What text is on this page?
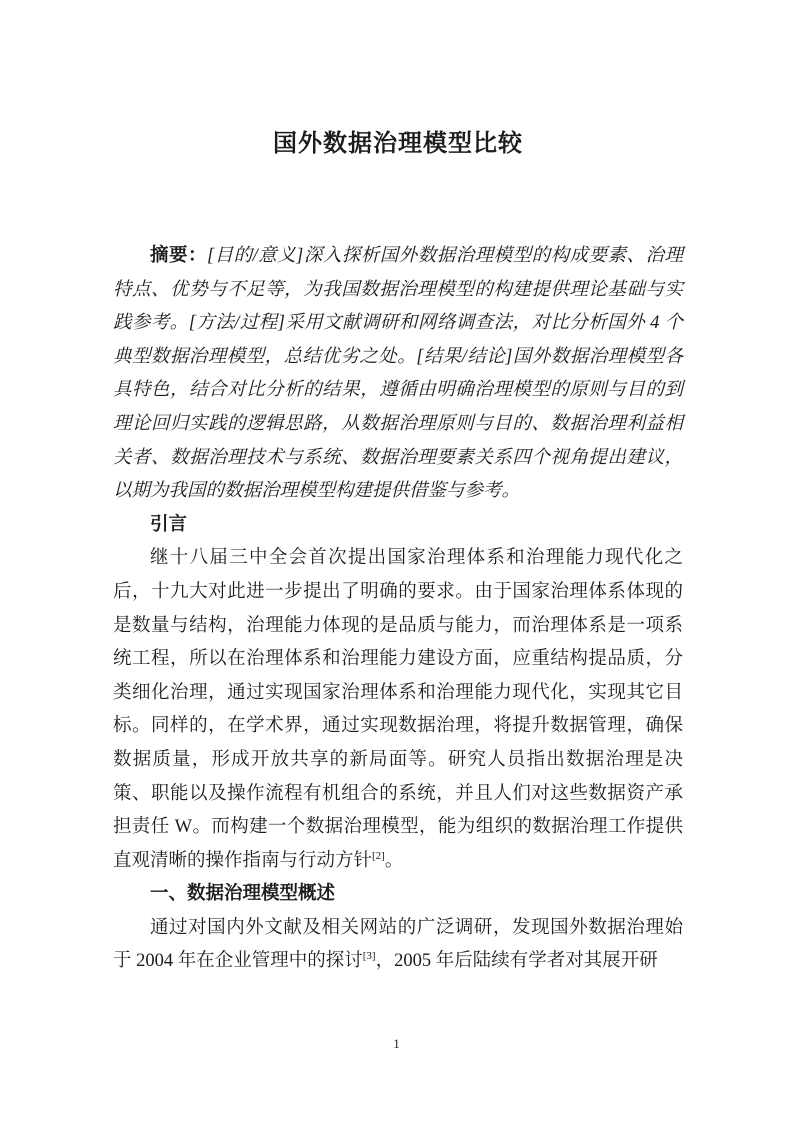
国外数据治理模型比较

摘要：[目的/意义]深入探析国外数据治理模型的构成要素、治理特点、优势与不足等，为我国数据治理模型的构建提供理论基础与实践参考。[方法/过程]采用文献调研和网络调查法，对比分析国外 4 个典型数据治理模型，总结优劣之处。[结果/结论]国外数据治理模型各具特色，结合对比分析的结果，遵循由明确治理模型的原则与目的到理论回归实践的逻辑思路，从数据治理原则与目的、数据治理利益相关者、数据治理技术与系统、数据治理要素关系四个视角提出建议，以期为我国的数据治理模型构建提供借鉴与参考。

引言

继十八届三中全会首次提出国家治理体系和治理能力现代化之后，十九大对此进一步提出了明确的要求。由于国家治理体系体现的是数量与结构，治理能力体现的是品质与能力，而治理体系是一项系统工程，所以在治理体系和治理能力建设方面，应重结构提品质，分类细化治理，通过实现国家治理体系和治理能力现代化，实现其它目标。同样的，在学术界，通过实现数据治理，将提升数据管理，确保数据质量，形成开放共享的新局面等。研究人员指出数据治理是决策、职能以及操作流程有机组合的系统，并且人们对这些数据资产承担责任 W。而构建一个数据治理模型，能为组织的数据治理工作提供直观清晰的操作指南与行动方针[2]。

一、数据治理模型概述

通过对国内外文献及相关网站的广泛调研，发现国外数据治理始于 2004 年在企业管理中的探讨[3]，2005 年后陆续有学者对其展开研

1
